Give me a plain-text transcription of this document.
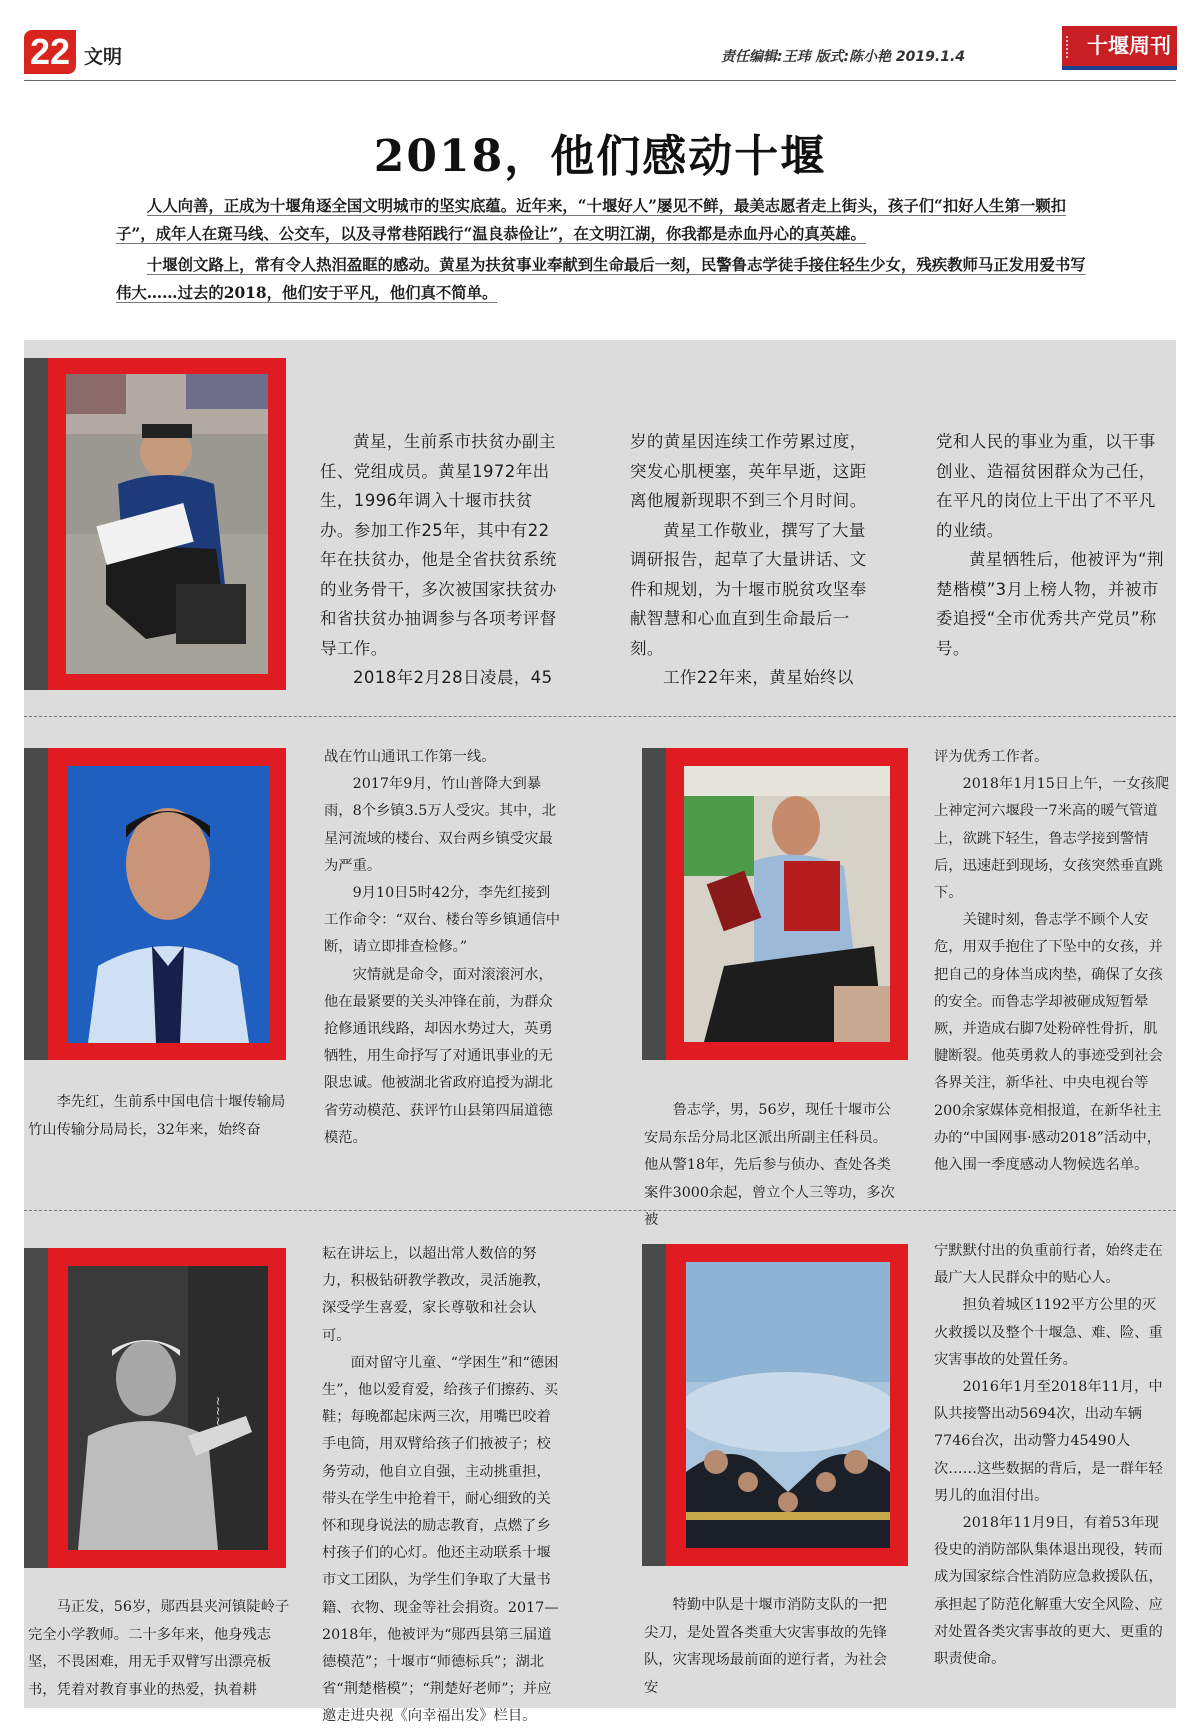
22 文明	责任编辑:王玮 版式:陈小艳 2019.1.4	十堰周刊
2018，他们感动十堰

人人向善，正成为十堰角逐全国文明城市的坚实底蕴。近年来，“十堰好人”屡见不鲜，最美志愿者走上街头，孩子们“扣好人生第一颗扣子”，成年人在斑马线、公交车，以及寻常巷陌践行“温良恭俭让”，在文明江湖，你我都是赤血丹心的真英雄。

十堰创文路上，常有令人热泪盈眶的感动。黄星为扶贫事业奉献到生命最后一刻，民警鲁志学徒手接住轻生少女，残疾教师马正发用爱书写伟大……过去的2018，他们安于平凡，他们真不简单。

黄星，生前系市扶贫办副主任、党组成员。黄星1972年出生，1996年调入十堰市扶贫办。参加工作25年，其中有22年在扶贫办，他是全省扶贫系统的业务骨干，多次被国家扶贫办和省扶贫办抽调参与各项考评督导工作。

2018年2月28日凌晨，45

岁的黄星因连续工作劳累过度，突发心肌梗塞，英年早逝，这距离他履新现职不到三个月时间。

黄星工作敬业，撰写了大量调研报告，起草了大量讲话、文件和规划，为十堰市脱贫攻坚奉献智慧和心血直到生命最后一刻。

工作22年来，黄星始终以

党和人民的事业为重，以干事创业、造福贫困群众为己任，在平凡的岗位上干出了不平凡的业绩。

黄星牺牲后，他被评为“荆楚楷模”3月上榜人物，并被市委追授“全市优秀共产党员”称号。

李先红，生前系中国电信十堰传输局竹山传输分局局长，32年来，始终奋

战在竹山通讯工作第一线。

2017年9月，竹山普降大到暴雨，8个乡镇3.5万人受灾。其中，北星河流域的楼台、双台两乡镇受灾最为严重。

9月10日5时42分，李先红接到工作命令：“双台、楼台等乡镇通信中断，请立即排查检修。”

灾情就是命令，面对滚滚河水，他在最紧要的关头冲锋在前，为群众抢修通讯线路，却因水势过大，英勇牺牲，用生命抒写了对通讯事业的无限忠诚。他被湖北省政府追授为湖北省劳动模范、获评竹山县第四届道德模范。

鲁志学，男，56岁，现任十堰市公安局东岳分局北区派出所副主任科员。他从警18年，先后参与侦办、查处各类案件3000余起，曾立个人三等功，多次被

评为优秀工作者。

2018年1月15日上午，一女孩爬上神定河六堰段一7米高的暖气管道上，欲跳下轻生，鲁志学接到警情后，迅速赶到现场，女孩突然垂直跳下。

关键时刻，鲁志学不顾个人安危，用双手抱住了下坠中的女孩，并把自己的身体当成肉垫，确保了女孩的安全。而鲁志学却被砸成短暂晕厥，并造成右脚7处粉碎性骨折，肌腱断裂。他英勇救人的事迹受到社会各界关注，新华社、中央电视台等200余家媒体竞相报道，在新华社主办的“中国网事·感动2018”活动中，他入围一季度感动人物候选名单。

~~~
马正发，56岁，郧西县夹河镇陡岭子完全小学教师。二十多年来，他身残志坚，不畏困难，用无手双臂写出漂亮板书，凭着对教育事业的热爱，执着耕

耘在讲坛上，以超出常人数倍的努力，积极钻研教学教改，灵活施教，深受学生喜爱，家长尊敬和社会认可。

面对留守儿童、“学困生”和“德困生”，他以爱育爱，给孩子们擦药、买鞋；每晚都起床两三次，用嘴巴咬着手电筒，用双臂给孩子们掖被子；校务劳动，他自立自强，主动挑重担，带头在学生中抢着干，耐心细致的关怀和现身说法的励志教育，点燃了乡村孩子们的心灯。他还主动联系十堰市文工团队，为学生们争取了大量书籍、衣物、现金等社会捐资。2017—2018年，他被评为“郧西县第三届道德模范”；十堰市“师德标兵”；湖北省“荆楚楷模”；“荆楚好老师”；并应邀走进央视《向幸福出发》栏目。

特勤中队是十堰市消防支队的一把尖刀，是处置各类重大灾害事故的先锋队，灾害现场最前面的逆行者，为社会安

宁默默付出的负重前行者，始终走在最广大人民群众中的贴心人。

担负着城区1192平方公里的灭火救援以及整个十堰急、难、险、重灾害事故的处置任务。

2016年1月至2018年11月，中队共接警出动5694次，出动车辆7746台次，出动警力45490人次……这些数据的背后，是一群年轻男儿的血泪付出。

2018年11月9日，有着53年现役史的消防部队集体退出现役，转而成为国家综合性消防应急救援队伍，承担起了防范化解重大安全风险、应对处置各类灾害事故的更大、更重的职责使命。
